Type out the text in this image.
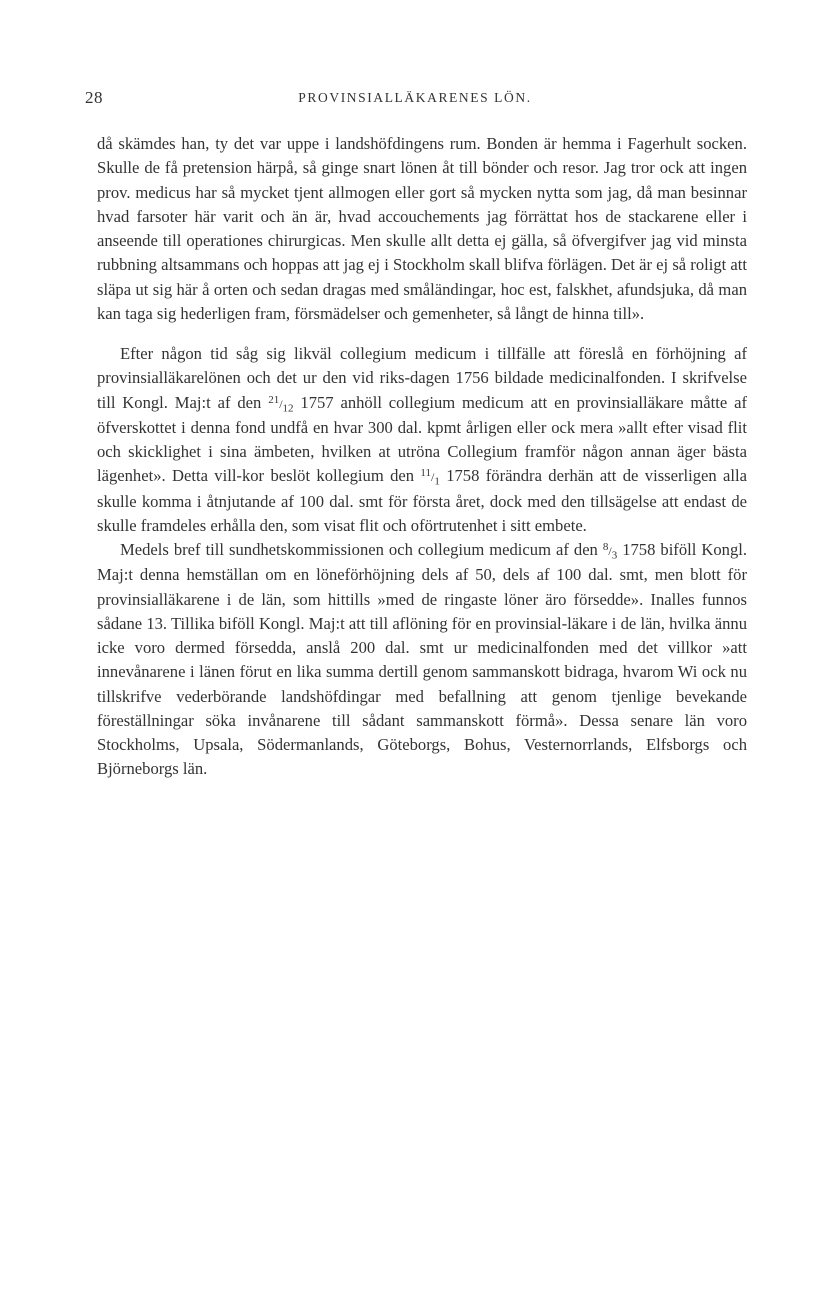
28	PROVINSIALLÄKARENES LÖN.

då skämdes han, ty det var uppe i landshöfdingens rum. Bonden är hemma i Fagerhult socken. Skulle de få pretension härpå, så ginge snart lönen åt till bönder och resor. Jag tror ock att ingen prov. medicus har så mycket tjent allmogen eller gort så mycken nytta som jag, då man besinnar hvad farsoter här varit och än är, hvad accouchements jag förrättat hos de stackarene eller i anseende till operationes chirurgicas. Men skulle allt detta ej gälla, så öfvergifver jag vid minsta rubbning altsammans och hoppas att jag ej i Stockholm skall blifva förlägen. Det är ej så roligt att släpa ut sig här å orten och sedan dragas med småländingar, hoc est, falskhet, afundsjuka, då man kan taga sig hederligen fram, försmädelser och gemenheter, så långt de hinna till».

Efter någon tid såg sig likväl collegium medicum i tillfälle att föreslå en förhöjning af provinsialläkarelönen och det ur den vid riks-dagen 1756 bildade medicinalfonden. I skrifvelse till Kongl. Maj:t af den $^{21}/_{12}$ 1757 anhöll collegium medicum att en provinsialläkare måtte af öfverskottet i denna fond undfå en hvar 300 dal. kpmt årligen eller ock mera »allt efter visad flit och skicklighet i sina ämbeten, hvilken at utröna Collegium framför någon annan äger bästa lägenhet». Detta vill-kor beslöt kollegium den $^{11}/_1$ 1758 förändra derhän att de visserligen alla skulle komma i åtnjutande af 100 dal. smt för första året, dock med den tillsägelse att endast de skulle framdeles erhålla den, som visat flit och oförtrutenhet i sitt embete.

Medels bref till sundhetskommissionen och collegium medicum af den $^8/_3$ 1758 biföll Kongl. Maj:t denna hemställan om en löneförhöjning dels af 50, dels af 100 dal. smt, men blott för provinsialläkarene i de län, som hittills »med de ringaste löner äro försedde». Inalles funnos sådane 13. Tillika biföll Kongl. Maj:t att till aflöning för en provinsial-läkare i de län, hvilka ännu icke voro dermed försedda, anslå 200 dal. smt ur medicinalfonden med det villkor »att innevånarene i länen förut en lika summa dertill genom sammanskott bidraga, hvarom Wi ock nu tillskrifve vederbörande landshöfdingar med befallning att genom tjenlige bevekande föreställningar söka invånarene till sådant sammanskott förmå». Dessa senare län voro Stockholms, Upsala, Södermanlands, Göteborgs, Bohus, Vesternorrlands, Elfsborgs och Björneborgs län.
